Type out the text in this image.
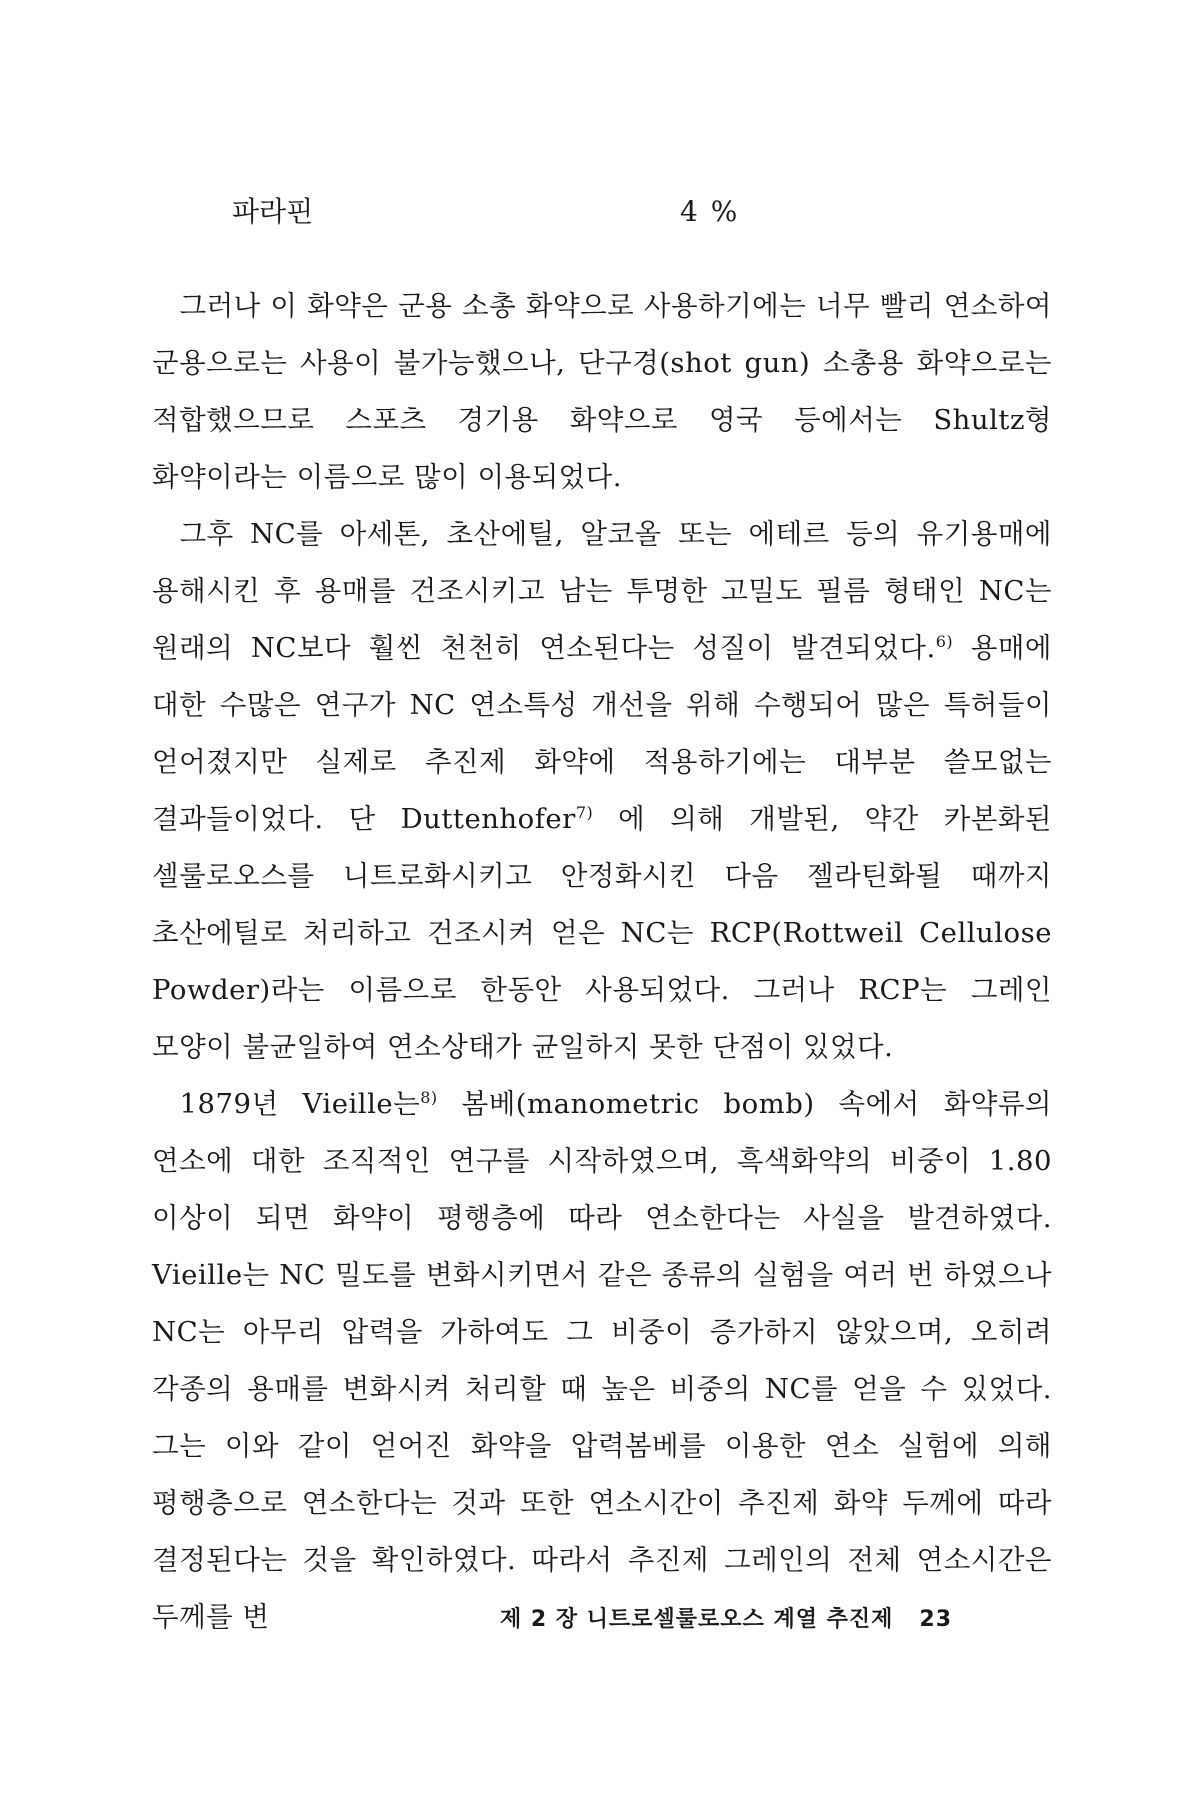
파라핀	4 %

그러나 이 화약은 군용 소총 화약으로 사용하기에는 너무 빨리 연소하여 군용으로는 사용이 불가능했으나, 단구경(shot gun) 소총용 화약으로는 적합했으므로 스포츠 경기용 화약으로 영국 등에서는 Shultz형 화약이라는 이름으로 많이 이용되었다.

그후 NC를 아세톤, 초산에틸, 알코올 또는 에테르 등의 유기용매에 용해시킨 후 용매를 건조시키고 남는 투명한 고밀도 필름 형태인 NC는 원래의 NC보다 훨씬 천천히 연소된다는 성질이 발견되었다.$^{6)}$ 용매에 대한 수많은 연구가 NC 연소특성 개선을 위해 수행되어 많은 특허들이 얻어졌지만 실제로 추진제 화약에 적용하기에는 대부분 쓸모없는 결과들이었다. 단 Duttenhofer$^{7)}$ 에 의해 개발된, 약간 카본화된 셀룰로오스를 니트로화시키고 안정화시킨 다음 젤라틴화될 때까지 초산에틸로 처리하고 건조시켜 얻은 NC는 RCP(Rottweil Cellulose Powder)라는 이름으로 한동안 사용되었다. 그러나 RCP는 그레인 모양이 불균일하여 연소상태가 균일하지 못한 단점이 있었다.

1879년 Vieille는$^{8)}$ 봄베(manometric bomb) 속에서 화약류의 연소에 대한 조직적인 연구를 시작하였으며, 흑색화약의 비중이 1.80 이상이 되면 화약이 평행층에 따라 연소한다는 사실을 발견하였다. Vieille는 NC 밀도를 변화시키면서 같은 종류의 실험을 여러 번 하였으나 NC는 아무리 압력을 가하여도 그 비중이 증가하지 않았으며, 오히려 각종의 용매를 변화시켜 처리할 때 높은 비중의 NC를 얻을 수 있었다. 그는 이와 같이 얻어진 화약을 압력봄베를 이용한 연소 실험에 의해 평행층으로 연소한다는 것과 또한 연소시간이 추진제 화약 두께에 따라 결정된다는 것을 확인하였다. 따라서 추진제 그레인의 전체 연소시간은 두께를 변	제 2 장 니트로셀룰로오스 계열 추진제 23
